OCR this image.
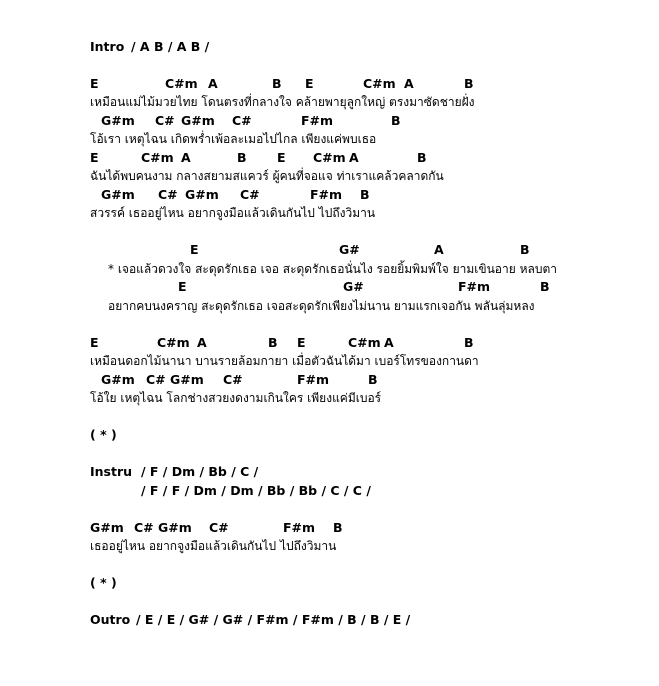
Intro / A B / A B /
E	C#m A	B E	C#m A	B
เหมือนแม่ไม้มวยไทย โดนตรงที่กลางใจ คล้ายพายุลูกใหญ่ ตรงมาซัดชายฝั่ง
G#m C# G#m C#	F#m	B
โอ้เรา เหตุไฉน เกิดพร่ำเพ้อละเมอไปไกล เพียงแค่พบเธอ
E	C#m A	B E C#m A	B
ฉันได้พบคนงาม กลางสยามสแควร์ ผู้คนที่จอแจ ท่าเราแคล้วคลาดกัน
G#m C# G#m C#	F#m B
สวรรค์ เธออยู่ไหน อยากจูงมือแล้วเดินกันไป ไปถึงวิมาน
E	G#	A	B
* เจอแล้วดวงใจ สะดุดรักเธอ เจอ สะดุดรักเธอนั่นไง รอยยิ้มพิมพ์ใจ ยามเขินอาย หลบตา
E	G#	F#m	B
อยากคบนงคราญ สะดุดรักเธอ เจอสะดุดรักเพียงไม่นาน ยามแรกเจอกัน พลันลุ่มหลง
E	C#m A	B E	C#m A	B
เหมือนดอกไม้นานา บานรายล้อมกายา เมื่อตัวฉันได้มา เบอร์โทรของกานดา
G#m C# G#m C#	F#m	B
โอ้ใย เหตุไฉน โลกช่างสวยงดงามเกินใคร เพียงแค่มีเบอร์
( * )
Instru / F / Dm / Bb / C /
/ F / F / Dm / Dm / Bb / Bb / C / C /
G#m C# G#m C#	F#m B
เธออยู่ไหน อยากจูงมือแล้วเดินกันไป ไปถึงวิมาน
( * )
Outro / E / E / G# / G# / F#m / F#m / B / B / E /
